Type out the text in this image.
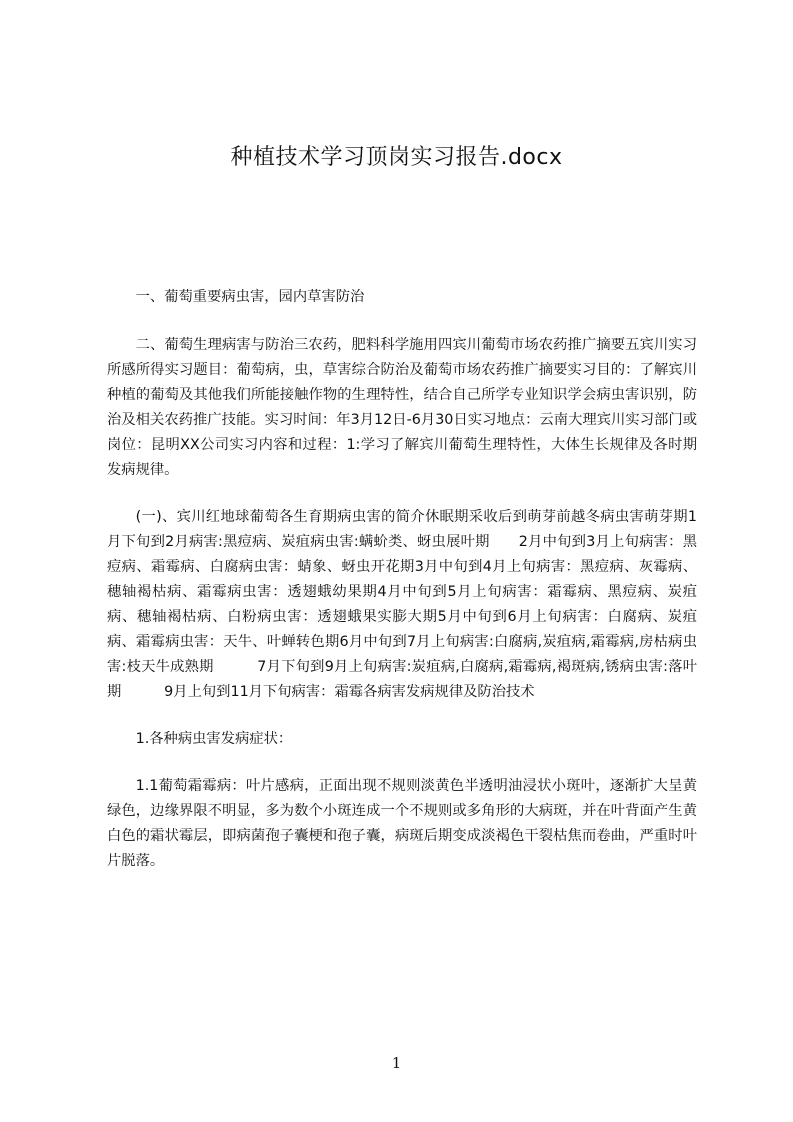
种植技术学习顶岗实习报告.docx

一、葡萄重要病虫害，园内草害防治

二、葡萄生理病害与防治三农药，肥料科学施用四宾川葡萄市场农药推广摘要五宾川实习所感所得实习题目：葡萄病，虫，草害综合防治及葡萄市场农药推广摘要实习目的：了解宾川种植的葡萄及其他我们所能接触作物的生理特性，结合自己所学专业知识学会病虫害识别，防治及相关农药推广技能。实习时间：年3月12日-6月30日实习地点：云南大理宾川实习部门或岗位：昆明XX公司实习内容和过程：1:学习了解宾川葡萄生理特性，大体生长规律及各时期发病规律。

(一)、宾川红地球葡萄各生育期病虫害的简介休眠期采收后到萌芽前越冬病虫害萌芽期1月下旬到2月病害:黑痘病、炭疽病虫害:螨蚧类、蚜虫展叶期　　2月中旬到3月上旬病害：黑痘病、霜霉病、白腐病虫害：蜻象、蚜虫开花期3月中旬到4月上旬病害：黑痘病、灰霉病、穗轴褐枯病、霜霉病虫害：透翅蛾幼果期4月中旬到5月上旬病害：霜霉病、黑痘病、炭疽病、穗轴褐枯病、白粉病虫害：透翅蛾果实膨大期5月中旬到6月上旬病害：白腐病、炭疽病、霜霉病虫害：天牛、叶蝉转色期6月中旬到7月上旬病害:白腐病,炭疽病,霜霉病,房枯病虫害:枝天牛成熟期　　　7月下旬到9月上旬病害:炭疽病,白腐病,霜霉病,褐斑病,锈病虫害:落叶期　　　9月上旬到11月下旬病害：霜霉各病害发病规律及防治技术

1.各种病虫害发病症状：

1.1葡萄霜霉病：叶片感病，正面出现不规则淡黄色半透明油浸状小斑叶，逐渐扩大呈黄绿色，边缘界限不明显，多为数个小斑连成一个不规则或多角形的大病斑，并在叶背面产生黄白色的霜状霉层，即病菌孢子囊梗和孢子囊，病斑后期变成淡褐色干裂枯焦而卷曲，严重时叶片脱落。

1
